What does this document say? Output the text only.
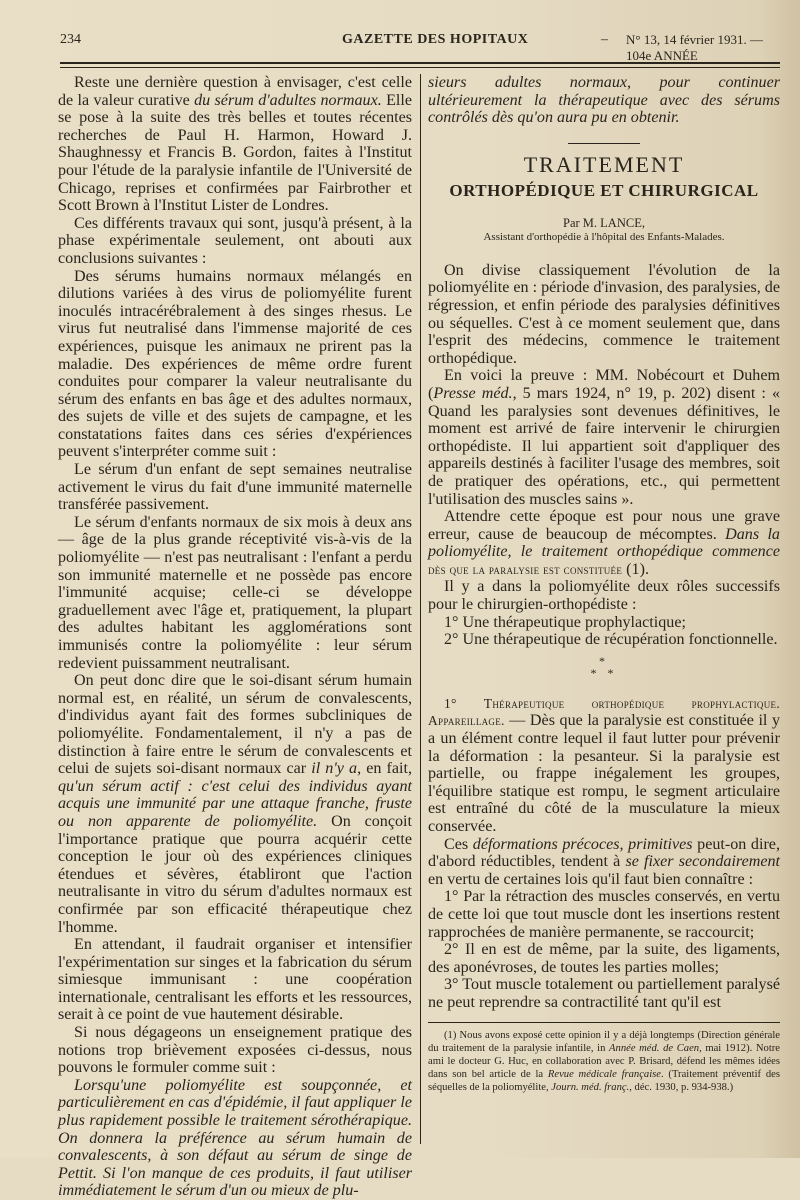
234	GAZETTE DES HOPITAUX	– N° 13, 14 février 1931. — 104e ANNÉE

Reste une dernière question à envisager, c'est celle de la valeur curative du sérum d'adultes normaux. Elle se pose à la suite des très belles et toutes récentes recherches de Paul H. Harmon, Howard J. Shaughnessy et Francis B. Gordon, faites à l'Institut pour l'étude de la paralysie infantile de l'Université de Chicago, reprises et confirmées par Fairbrother et Scott Brown à l'Institut Lister de Londres.

Ces différents travaux qui sont, jusqu'à présent, à la phase expérimentale seulement, ont abouti aux conclusions suivantes :

Des sérums humains normaux mélangés en dilutions variées à des virus de poliomyélite furent inoculés intracérébralement à des singes rhesus. Le virus fut neutralisé dans l'immense majorité de ces expériences, puisque les animaux ne prirent pas la maladie. Des expériences de même ordre furent conduites pour comparer la valeur neutralisante du sérum des enfants en bas âge et des adultes normaux, des sujets de ville et des sujets de campagne, et les constatations faites dans ces séries d'expériences peuvent s'interpréter comme suit :

Le sérum d'un enfant de sept semaines neutralise activement le virus du fait d'une immunité maternelle transférée passivement.

Le sérum d'enfants normaux de six mois à deux ans — âge de la plus grande réceptivité vis-à-vis de la poliomyélite — n'est pas neutralisant : l'enfant a perdu son immunité maternelle et ne possède pas encore l'immunité acquise; celle-ci se développe graduellement avec l'âge et, pratiquement, la plupart des adultes habitant les agglomérations sont immunisés contre la poliomyélite : leur sérum redevient puissamment neutralisant.

On peut donc dire que le soi-disant sérum humain normal est, en réalité, un sérum de convalescents, d'individus ayant fait des formes subcliniques de poliomyélite. Fondamentalement, il n'y a pas de distinction à faire entre le sérum de convalescents et celui de sujets soi-disant normaux car il n'y a, en fait, qu'un sérum actif : c'est celui des individus ayant acquis une immunité par une attaque franche, fruste ou non apparente de poliomyélite. On conçoit l'importance pratique que pourra acquérir cette conception le jour où des expériences cliniques étendues et sévères, établiront que l'action neutralisante in vitro du sérum d'adultes normaux est confirmée par son efficacité thérapeutique chez l'homme.

En attendant, il faudrait organiser et intensifier l'expérimentation sur singes et la fabrication du sérum simiesque immunisant : une coopération internationale, centralisant les efforts et les ressources, serait à ce point de vue hautement désirable.

Si nous dégageons un enseignement pratique des notions trop brièvement exposées ci-dessus, nous pouvons le formuler comme suit :

Lorsqu'une poliomyélite est soupçonnée, et particulièrement en cas d'épidémie, il faut appliquer le plus rapidement possible le traitement sérothérapique. On donnera la préférence au sérum humain de convalescents, à son défaut au sérum de singe de Pettit. Si l'on manque de ces produits, il faut utiliser immédiatement le sérum d'un ou mieux de plu-

sieurs adultes normaux, pour continuer ultérieurement la thérapeutique avec des sérums contrôlés dès qu'on aura pu en obtenir.

TRAITEMENT
ORTHOPÉDIQUE ET CHIRURGICAL
Par M. LANCE,
Assistant d'orthopédie à l'hôpital des Enfants-Malades.

On divise classiquement l'évolution de la poliomyélite en : période d'invasion, des paralysies, de régression, et enfin période des paralysies définitives ou séquelles. C'est à ce moment seulement que, dans l'esprit des médecins, commence le traitement orthopédique.

En voici la preuve : MM. Nobécourt et Duhem (Presse méd., 5 mars 1924, n° 19, p. 202) disent : « Quand les paralysies sont devenues définitives, le moment est arrivé de faire intervenir le chirurgien orthopédiste. Il lui appartient soit d'appliquer des appareils destinés à faciliter l'usage des membres, soit de pratiquer des opérations, etc., qui permettent l'utilisation des muscles sains ».

Attendre cette époque est pour nous une grave erreur, cause de beaucoup de mécomptes. Dans la poliomyélite, le traitement orthopédique commence dès que la paralysie est constituée (1).

Il y a dans la poliomyélite deux rôles successifs pour le chirurgien-orthopédiste :

1° Une thérapeutique prophylactique;

2° Une thérapeutique de récupération fonctionnelle.

*
* *

1° Thérapeutique orthopédique prophylactique. Appareillage. — Dès que la paralysie est constituée il y a un élément contre lequel il faut lutter pour prévenir la déformation : la pesanteur. Si la paralysie est partielle, ou frappe inégalement les groupes, l'équilibre statique est rompu, le segment articulaire est entraîné du côté de la musculature la mieux conservée.

Ces déformations précoces, primitives peut-on dire, d'abord réductibles, tendent à se fixer secondairement en vertu de certaines lois qu'il faut bien connaître :

1° Par la rétraction des muscles conservés, en vertu de cette loi que tout muscle dont les insertions restent rapprochées de manière permanente, se raccourcit;

2° Il en est de même, par la suite, des ligaments, des aponévroses, de toutes les parties molles;

3° Tout muscle totalement ou partiellement paralysé ne peut reprendre sa contractilité tant qu'il est

(1) Nous avons exposé cette opinion il y a déjà longtemps (Direction générale du traitement de la paralysie infantile, in Année méd. de Caen, mai 1912). Notre ami le docteur G. Huc, en collaboration avec P. Brisard, défend les mêmes idées dans son bel article de la Revue médicale française. (Traitement préventif des séquelles de la poliomyélite, Journ. méd. franç., déc. 1930, p. 934-938.)
